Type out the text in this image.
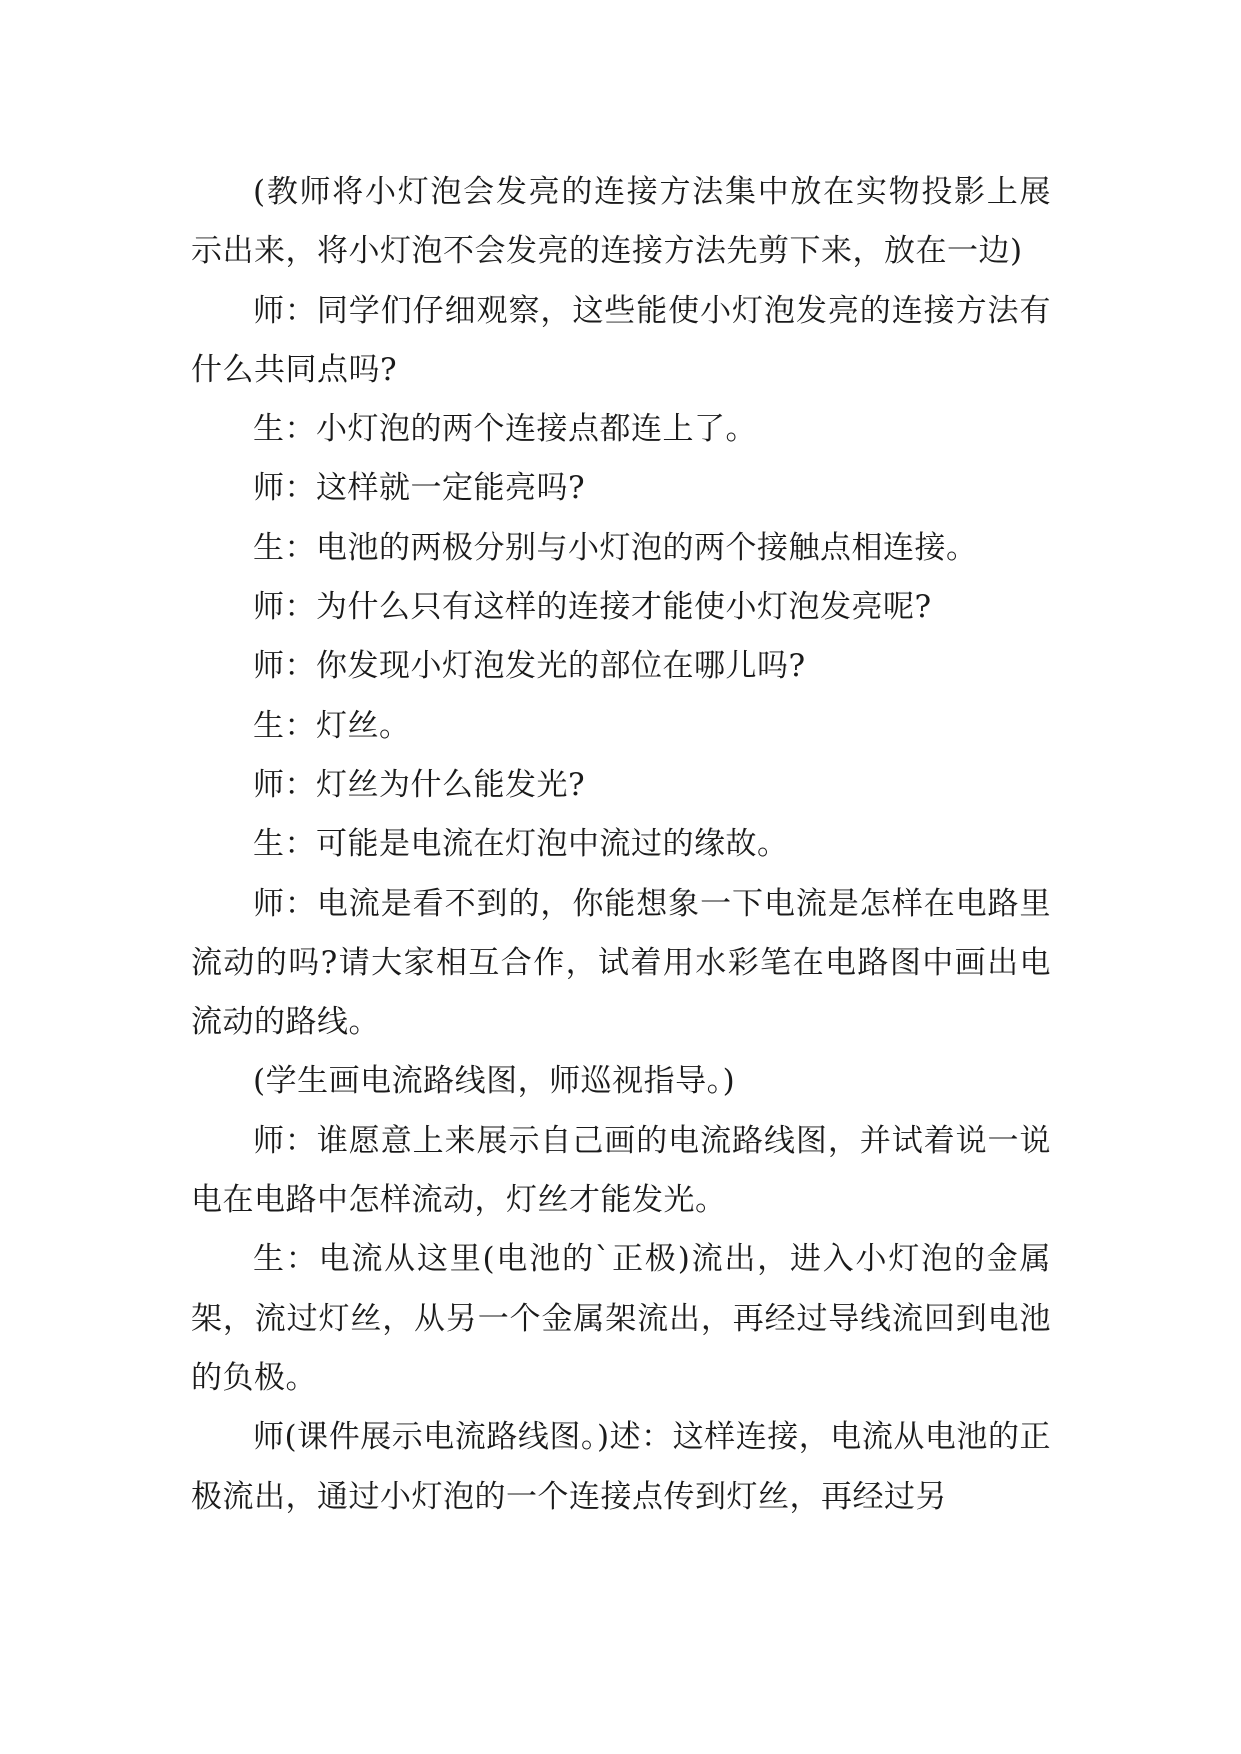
(教师将小灯泡会发亮的连接方法集中放在实物投影上展示出来，将小灯泡不会发亮的连接方法先剪下来，放在一边)

师：同学们仔细观察，这些能使小灯泡发亮的连接方法有什么共同点吗?

生：小灯泡的两个连接点都连上了。

师：这样就一定能亮吗?

生：电池的两极分别与小灯泡的两个接触点相连接。

师：为什么只有这样的连接才能使小灯泡发亮呢?

师：你发现小灯泡发光的部位在哪儿吗?

生：灯丝。

师：灯丝为什么能发光?

生：可能是电流在灯泡中流过的缘故。

师：电流是看不到的，你能想象一下电流是怎样在电路里流动的吗?请大家相互合作，试着用水彩笔在电路图中画出电流动的路线。

(学生画电流路线图，师巡视指导。)

师：谁愿意上来展示自己画的电流路线图，并试着说一说电在电路中怎样流动，灯丝才能发光。

生：电流从这里(电池的`正极)流出，进入小灯泡的金属架，流过灯丝，从另一个金属架流出，再经过导线流回到电池的负极。

师(课件展示电流路线图。)述：这样连接，电流从电池的正极流出，通过小灯泡的一个连接点传到灯丝，再经过另
